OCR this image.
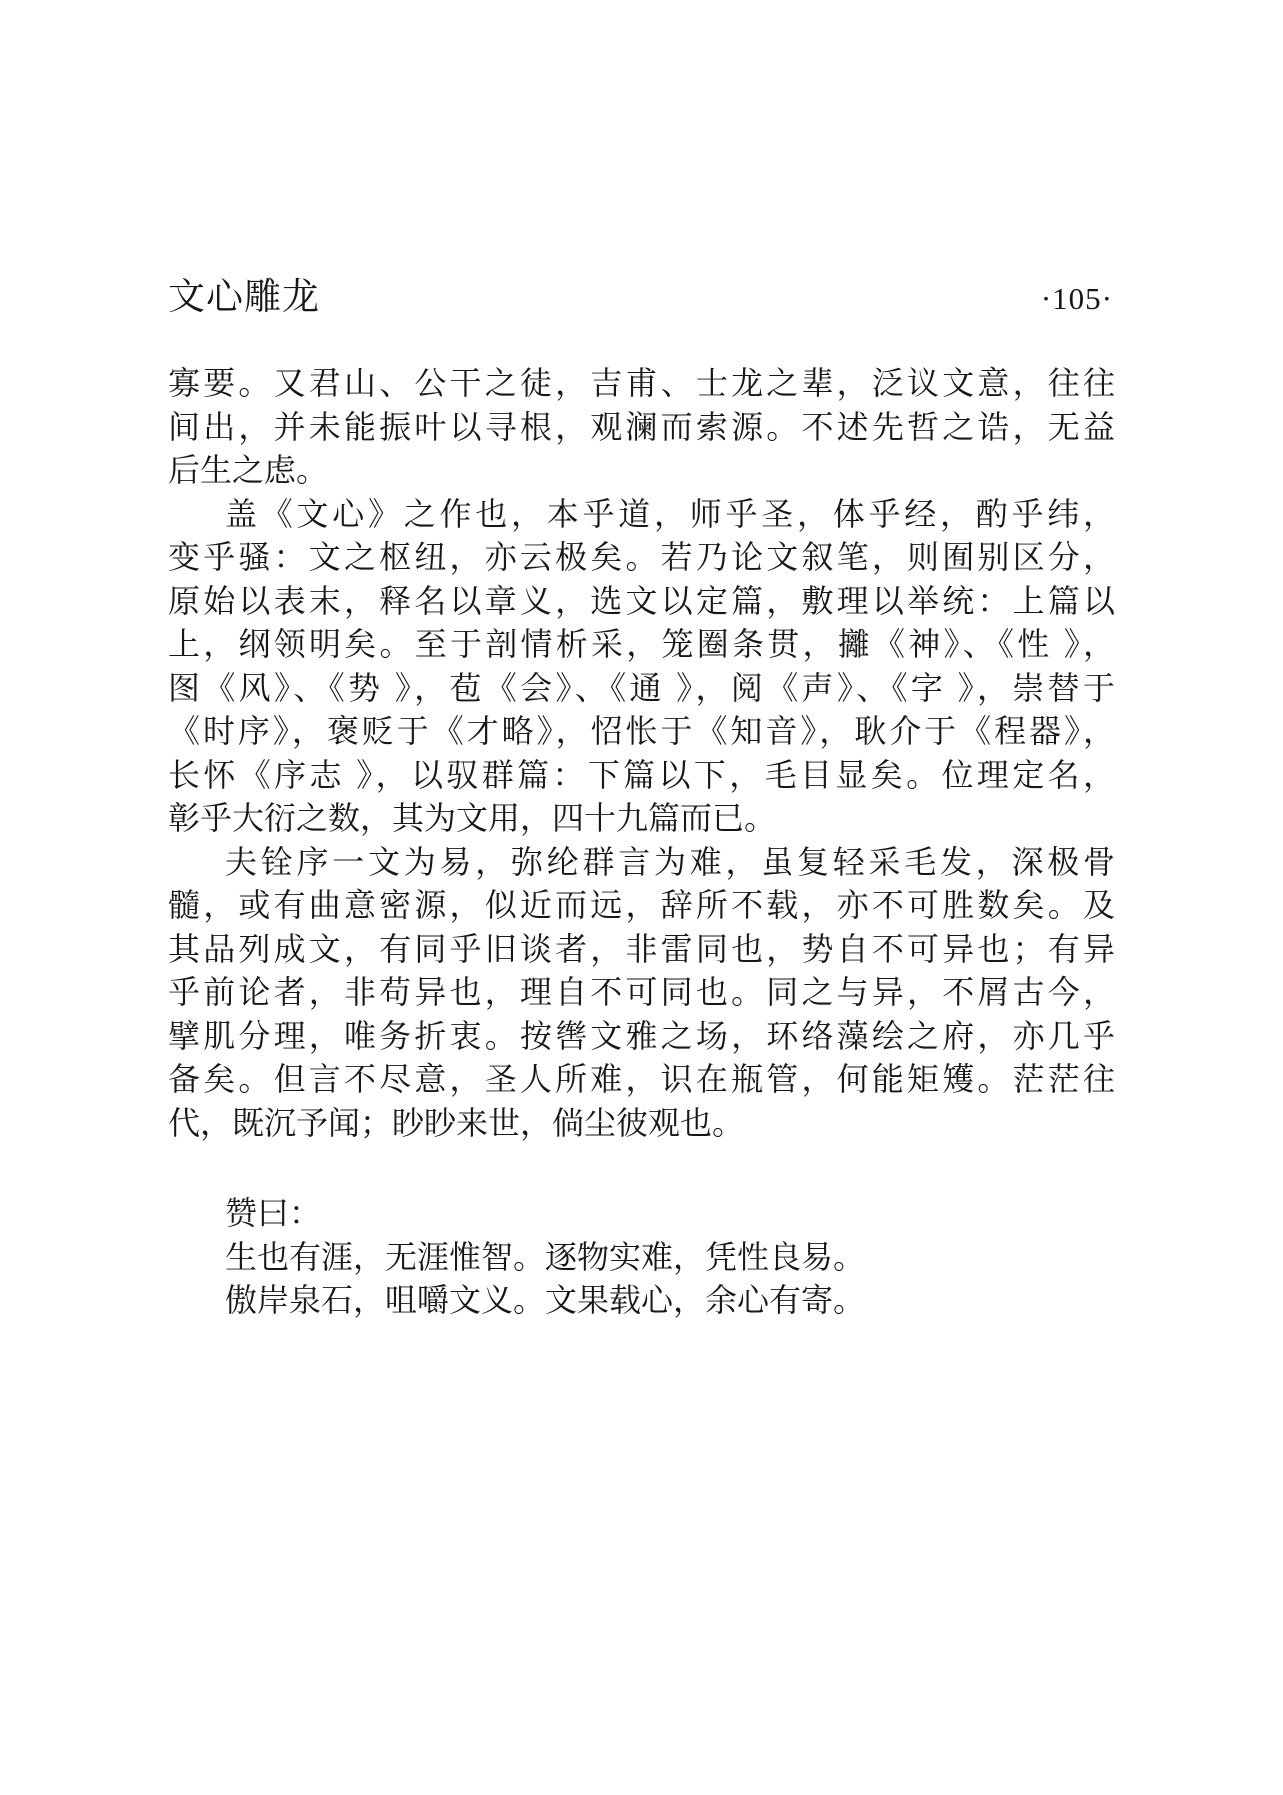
文心雕龙	·105·
寡要。又君山、公干之徒，吉甫、士龙之辈，泛议文意，往往
间出，并未能振叶以寻根，观澜而索源。不述先哲之诰，无益
后生之虑。
盖《文心》之作也，本乎道，师乎圣，体乎经，酌乎纬，
变乎骚：文之枢纽，亦云极矣。若乃论文叙笔，则囿别区分，
原始以表末，释名以章义，选文以定篇，敷理以举统：上篇以
上，纲领明矣。至于剖情析采，笼圈条贯，攡《神》、《性 》，
图《风》、《势 》，苞《会》、《通 》，阅《声》、《字 》，崇替于
《时序》，褒贬于《才略》，怊怅于《知音》，耿介于《程器》，
长怀《序志 》，以驭群篇：下篇以下，毛目显矣。位理定名，
彰乎大衍之数，其为文用，四十九篇而已。
夫铨序一文为易，弥纶群言为难，虽复轻采毛发，深极骨
髓，或有曲意密源，似近而远，辞所不载，亦不可胜数矣。及
其品列成文，有同乎旧谈者，非雷同也，势自不可异也；有异
乎前论者，非苟异也，理自不可同也。同之与异，不屑古今，
擘肌分理，唯务折衷。按辔文雅之场，环络藻绘之府，亦几乎
备矣。但言不尽意，圣人所难，识在瓶管，何能矩矱。茫茫往
代，既沉予闻；眇眇来世，倘尘彼观也。
赞曰：
生也有涯，无涯惟智。逐物实难，凭性良易。
傲岸泉石，咀嚼文义。文果载心，余心有寄。
